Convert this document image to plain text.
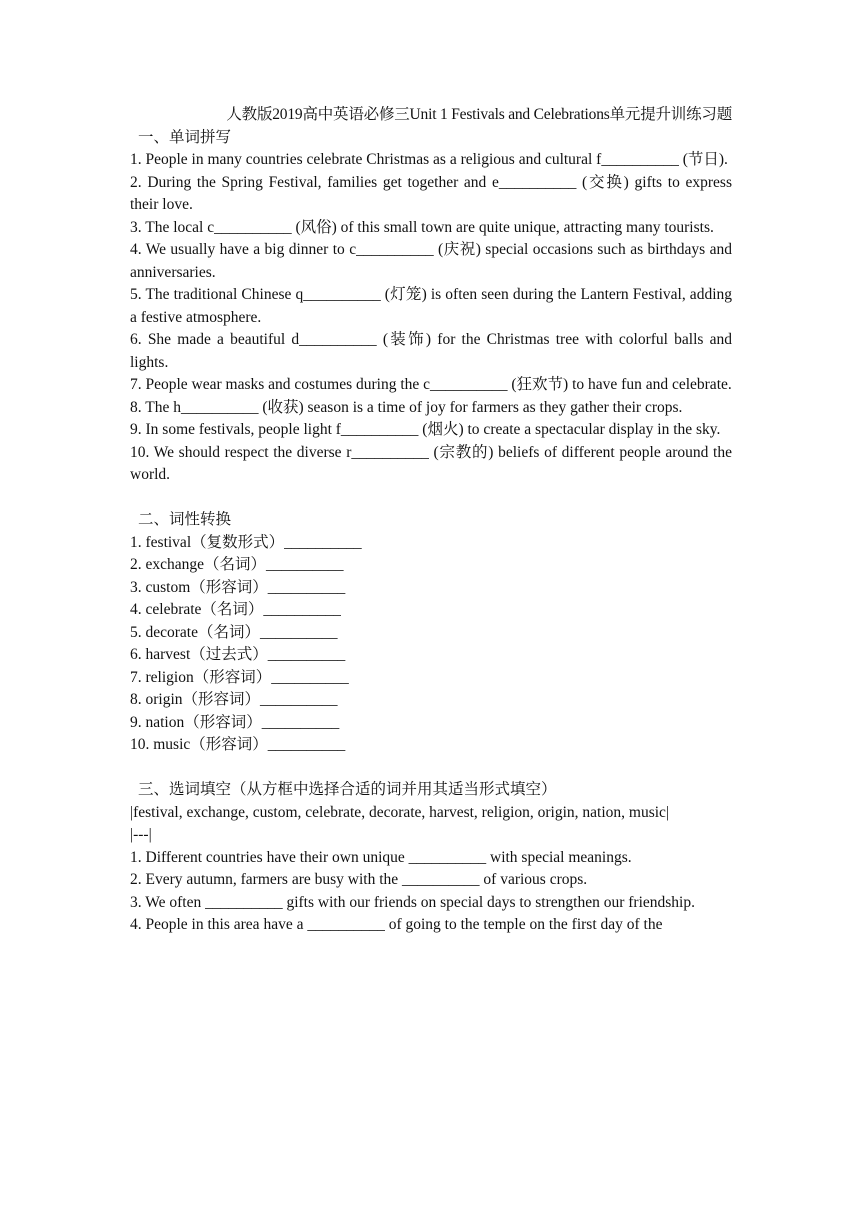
人教版2019高中英语必修三Unit 1 Festivals and Celebrations单元提升训练习题
一、单词拼写
1. People in many countries celebrate Christmas as a religious and cultural f__________ (节日).
2. During the Spring Festival, families get together and e__________ (交换) gifts to express their love.
3. The local c__________ (风俗) of this small town are quite unique, attracting many tourists.
4. We usually have a big dinner to c__________ (庆祝) special occasions such as birthdays and anniversaries.
5. The traditional Chinese q__________ (灯笼) is often seen during the Lantern Festival, adding a festive atmosphere.
6. She made a beautiful d__________ (装饰) for the Christmas tree with colorful balls and lights.
7. People wear masks and costumes during the c__________ (狂欢节) to have fun and celebrate.
8. The h__________ (收获) season is a time of joy for farmers as they gather their crops.
9. In some festivals, people light f__________ (烟火) to create a spectacular display in the sky.
10. We should respect the diverse r__________ (宗教的) beliefs of different people around the world.
二、词性转换
1. festival（复数形式）__________
2. exchange（名词）__________
3. custom（形容词）__________
4. celebrate（名词）__________
5. decorate（名词）__________
6. harvest（过去式）__________
7. religion（形容词）__________
8. origin（形容词）__________
9. nation（形容词）__________
10. music（形容词）__________
三、选词填空（从方框中选择合适的词并用其适当形式填空）
|festival, exchange, custom, celebrate, decorate, harvest, religion, origin, nation, music|
|---|
1. Different countries have their own unique __________ with special meanings.
2. Every autumn, farmers are busy with the __________ of various crops.
3. We often __________ gifts with our friends on special days to strengthen our friendship.
4. People in this area have a __________ of going to the temple on the first day of the
